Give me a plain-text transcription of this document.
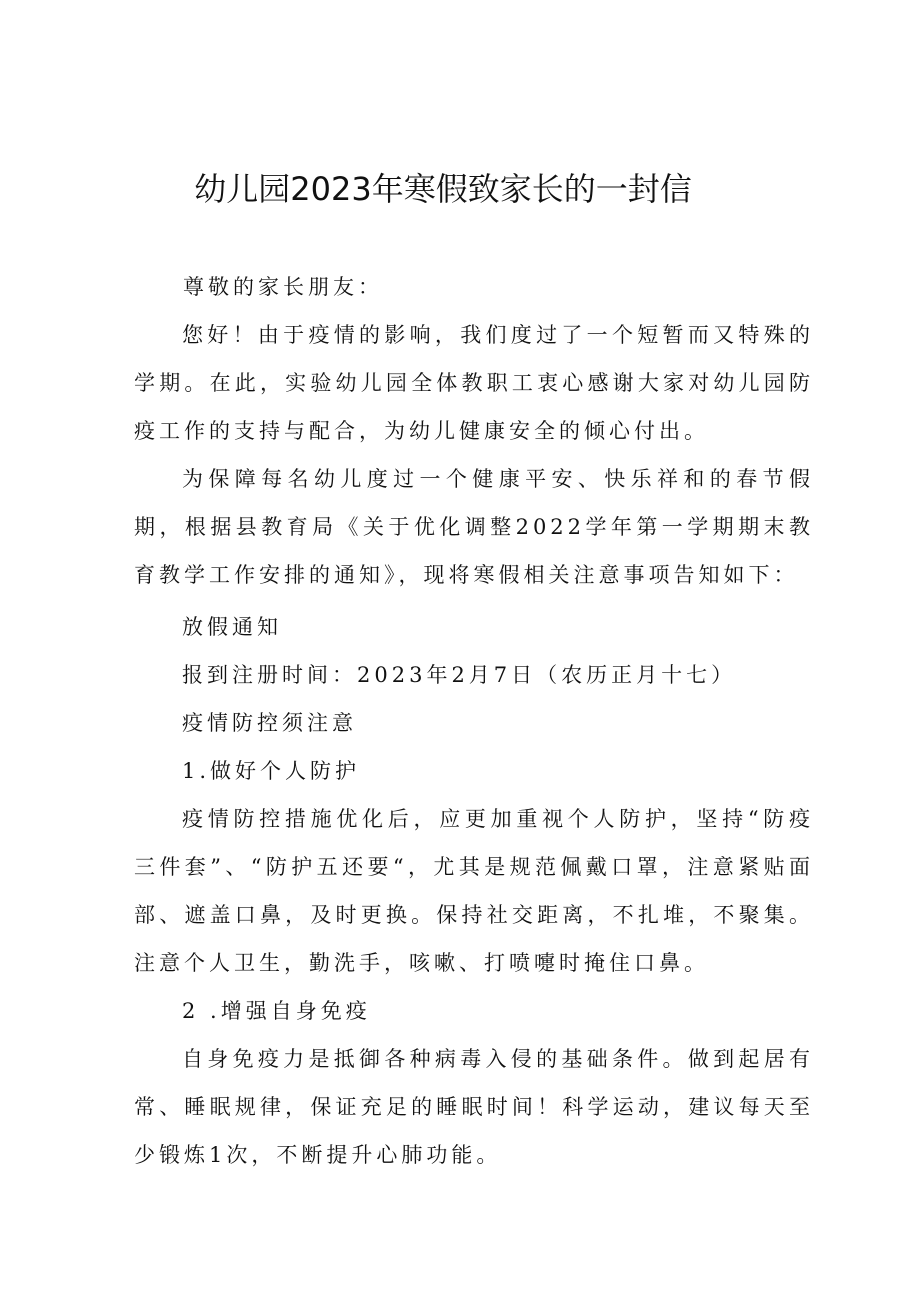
幼儿园2023年寒假致家长的一封信

尊敬的家长朋友：

您好！由于疫情的影响，我们度过了一个短暂而又特殊的学期。在此，实验幼儿园全体教职工衷心感谢大家对幼儿园防疫工作的支持与配合，为幼儿健康安全的倾心付出。

为保障每名幼儿度过一个健康平安、快乐祥和的春节假期，根据县教育局《关于优化调整2022学年第一学期期末教育教学工作安排的通知》，现将寒假相关注意事项告知如下：

放假通知

报到注册时间：2023年2月7日（农历正月十七）

疫情防控须注意

1.做好个人防护

疫情防控措施优化后，应更加重视个人防护，坚持“防疫三件套”、“防护五还要“，尤其是规范佩戴口罩，注意紧贴面部、遮盖口鼻，及时更换。保持社交距离，不扎堆，不聚集。注意个人卫生，勤洗手，咳嗽、打喷嚏时掩住口鼻。

2 .增强自身免疫

自身免疫力是抵御各种病毒入侵的基础条件。做到起居有常、睡眠规律，保证充足的睡眠时间！科学运动，建议每天至少锻炼1次，不断提升心肺功能。
